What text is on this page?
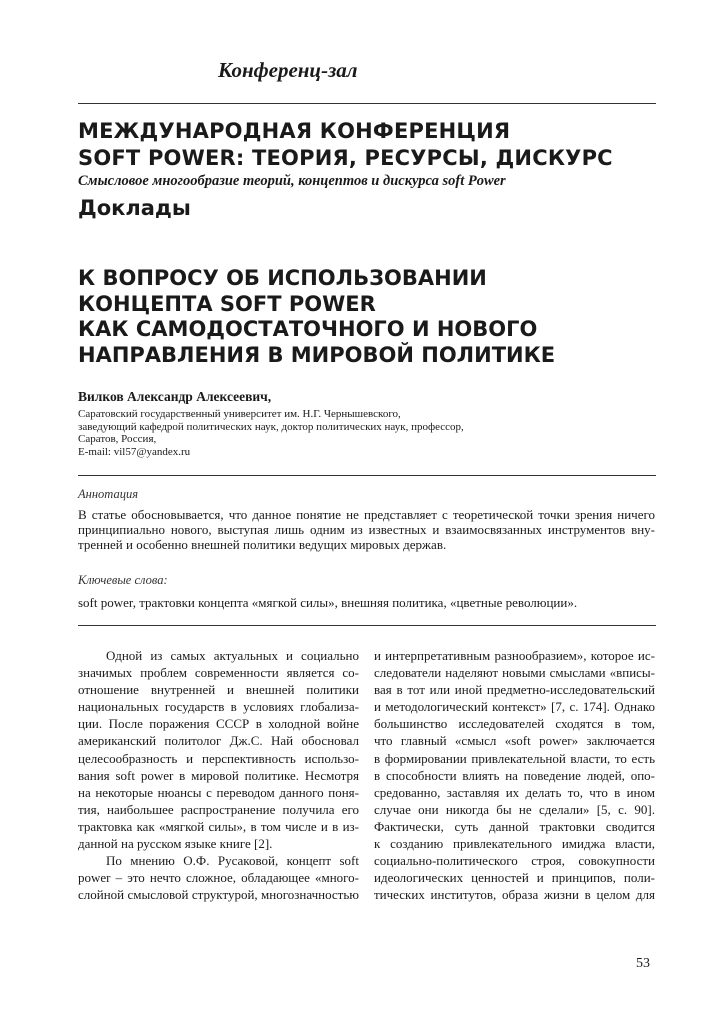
Конференц-зал
МЕЖДУНАРОДНАЯ КОНФЕРЕНЦИЯ
SOFT POWER: ТЕОРИЯ, РЕСУРСЫ, ДИСКУРС
Смысловое многообразие теорий, концептов и дискурса soft Power
Доклады
К ВОПРОСУ ОБ ИСПОЛЬЗОВАНИИ
КОНЦЕПТА SOFT POWER
КАК САМОДОСТАТОЧНОГО И НОВОГО
НАПРАВЛЕНИЯ В МИРОВОЙ ПОЛИТИКЕ
Вилков Александр Алексеевич,
Саратовский государственный университет им. Н.Г. Чернышевского,
заведующий кафедрой политических наук, доктор политических наук, профессор,
Саратов, Россия,
E-mail: vil57@yandex.ru
Аннотация
В статье обосновывается, что данное понятие не представляет с теоретической точки зрения ничего
принципиально нового, выступая лишь одним из известных и взаимосвязанных инструментов вну-
тренней и особенно внешней политики ведущих мировых держав.
Ключевые слова:
soft power, трактовки концепта «мягкой силы», внешняя политика, «цветные революции».
Одной из самых актуальных и социально
значимых проблем современности является со-
отношение внутренней и внешней политики
национальных государств в условиях глобализа-
ции. После поражения СССР в холодной войне
американский политолог Дж.С. Най обосновал
целесообразность и перспективность использо-
вания soft power в мировой политике. Несмотря
на некоторые нюансы с переводом данного поня-
тия, наибольшее распространение получила его
трактовка как «мягкой силы», в том числе и в из-
данной на русском языке книге [2].
По мнению О.Ф. Русаковой, концепт soft
power – это нечто сложное, обладающее «много-
слойной смысловой структурой, многозначностью
и интерпретативным разнообразием», которое ис-
следователи наделяют новыми смыслами «вписы-
вая в тот или иной предметно-исследовательский
и методологический контекст» [7, с. 174]. Однако
большинство исследователей сходятся в том,
что главный «смысл «soft power» заключается
в формировании привлекательной власти, то есть
в способности влиять на поведение людей, опо-
средованно, заставляя их делать то, что в ином
случае они никогда бы не сделали» [5, с. 90].
Фактически, суть данной трактовки сводится
к созданию привлекательного имиджа власти,
социально-политического строя, совокупности
идеологических ценностей и принципов, поли-
тических институтов, образа жизни в целом для
53
